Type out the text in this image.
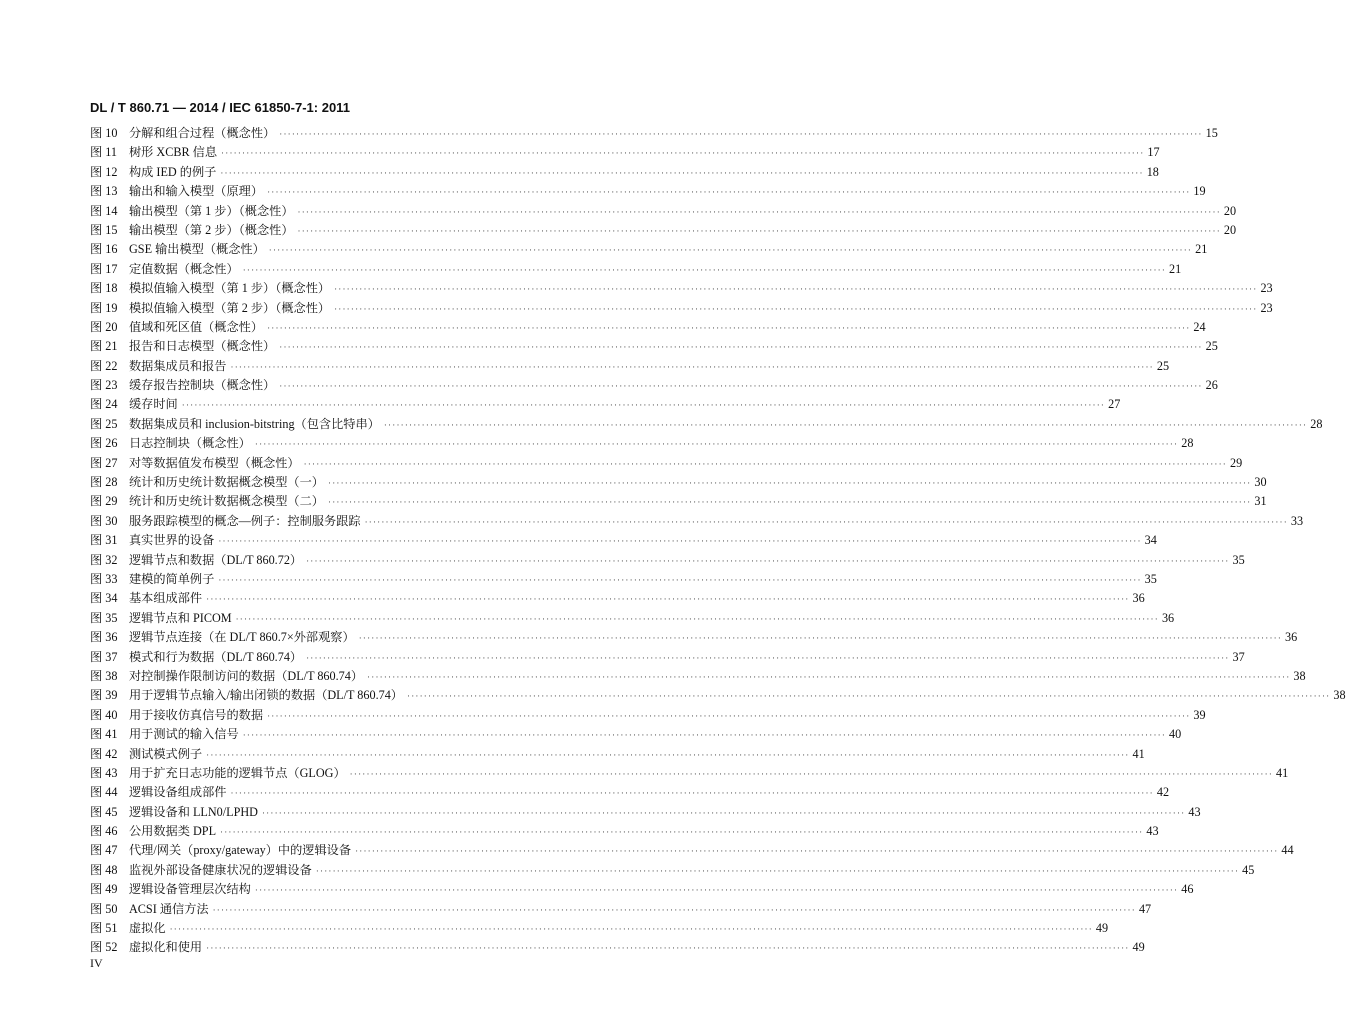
DL / T 860.71 — 2014 / IEC 61850-7-1: 2011
图 10 分解和组合过程（概念性） ···························································································································································································································· 15
图 11 树形 XCBR 信息 ···························································································································································································································· 17
图 12 构成 IED 的例子 ···························································································································································································································· 18
图 13 输出和输入模型（原理） ···························································································································································································································· 19
图 14 输出模型（第 1 步）（概念性） ···························································································································································································································· 20
图 15 输出模型（第 2 步）（概念性） ···························································································································································································································· 20
图 16 GSE 输出模型（概念性） ···························································································································································································································· 21
图 17 定值数据（概念性） ···························································································································································································································· 21
图 18 模拟值输入模型（第 1 步）（概念性） ···························································································································································································································· 23
图 19 模拟值输入模型（第 2 步）（概念性） ···························································································································································································································· 23
图 20 值域和死区值（概念性） ···························································································································································································································· 24
图 21 报告和日志模型（概念性） ···························································································································································································································· 25
图 22 数据集成员和报告 ···························································································································································································································· 25
图 23 缓存报告控制块（概念性） ···························································································································································································································· 26
图 24 缓存时间 ···························································································································································································································· 27
图 25 数据集成员和 inclusion-bitstring（包含比特串） ···························································································································································································································· 28
图 26 日志控制块（概念性） ···························································································································································································································· 28
图 27 对等数据值发布模型（概念性） ···························································································································································································································· 29
图 28 统计和历史统计数据概念模型（一） ···························································································································································································································· 30
图 29 统计和历史统计数据概念模型（二） ···························································································································································································································· 31
图 30 服务跟踪模型的概念—例子：控制服务跟踪 ···························································································································································································································· 33
图 31 真实世界的设备 ···························································································································································································································· 34
图 32 逻辑节点和数据（DL/T 860.72） ···························································································································································································································· 35
图 33 建模的简单例子 ···························································································································································································································· 35
图 34 基本组成部件 ···························································································································································································································· 36
图 35 逻辑节点和 PICOM ···························································································································································································································· 36
图 36 逻辑节点连接（在 DL/T 860.7×外部观察） ···························································································································································································································· 36
图 37 模式和行为数据（DL/T 860.74） ···························································································································································································································· 37
图 38 对控制操作限制访问的数据（DL/T 860.74） ···························································································································································································································· 38
图 39 用于逻辑节点输入/输出闭锁的数据（DL/T 860.74） ···························································································································································································································· 38
图 40 用于接收仿真信号的数据 ···························································································································································································································· 39
图 41 用于测试的输入信号 ···························································································································································································································· 40
图 42 测试模式例子 ···························································································································································································································· 41
图 43 用于扩充日志功能的逻辑节点（GLOG） ···························································································································································································································· 41
图 44 逻辑设备组成部件 ···························································································································································································································· 42
图 45 逻辑设备和 LLN0/LPHD ···························································································································································································································· 43
图 46 公用数据类 DPL ···························································································································································································································· 43
图 47 代理/网关（proxy/gateway）中的逻辑设备 ···························································································································································································································· 44
图 48 监视外部设备健康状况的逻辑设备 ···························································································································································································································· 45
图 49 逻辑设备管理层次结构 ···························································································································································································································· 46
图 50 ACSI 通信方法 ···························································································································································································································· 47
图 51 虚拟化 ···························································································································································································································· 49
图 52 虚拟化和使用 ···························································································································································································································· 49
IV
